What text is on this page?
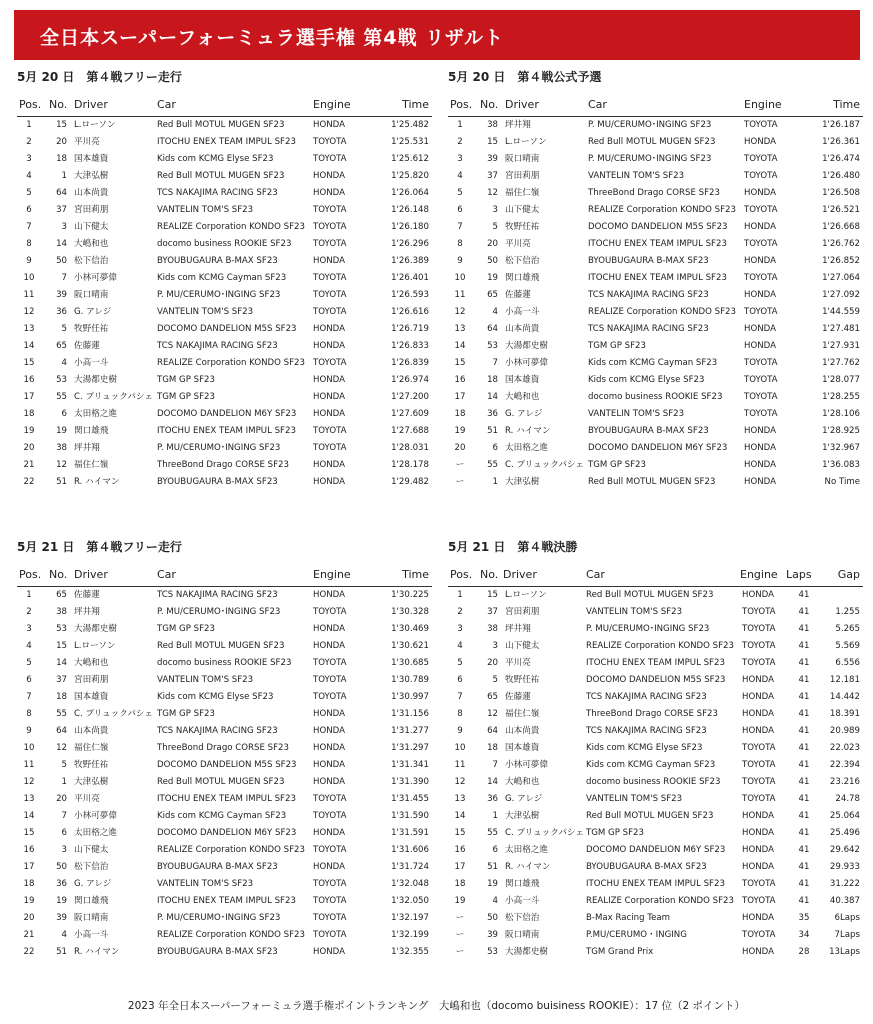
全日本スーパーフォーミュラ選手権 第4戦 リザルト
5月 20 日　第４戦フリー走行
Pos. No. Driver	Car	Engine	Time
1	15 L.ローソン	Red Bull MOTUL MUGEN SF23	HONDA	1'25.482
2	20 平川亮	ITOCHU ENEX TEAM IMPUL SF23	TOYOTA	1'25.531
3	18 国本雄資	Kids com KCMG Elyse SF23	TOYOTA	1'25.612
4	1 大津弘樹	Red Bull MOTUL MUGEN SF23	HONDA	1'25.820
5	64 山本尚貴	TCS NAKAJIMA RACING SF23	HONDA	1'26.064
6	37 宮田莉朋	VANTELIN TOM'S SF23	TOYOTA	1'26.148
7	3 山下健太	REALIZE Corporation KONDO SF23 TOYOTA	1'26.180
8	14 大嶋和也	docomo business ROOKIE SF23	TOYOTA	1'26.296
9	50 松下信治	BYOUBUGAURA B-MAX SF23	HONDA	1'26.389
10	7 小林可夢偉	Kids com KCMG Cayman SF23	TOYOTA	1'26.401
11	39 阪口晴南	P. MU/CERUMO･INGING SF23	TOYOTA	1'26.593
12	36 G. アレジ	VANTELIN TOM'S SF23	TOYOTA	1'26.616
13	5 牧野任祐	DOCOMO DANDELION M5S SF23	HONDA	1'26.719
14	65 佐藤蓮	TCS NAKAJIMA RACING SF23	HONDA	1'26.833
15	4 小高一斗	REALIZE Corporation KONDO SF23 TOYOTA	1'26.839
16	53 大湯都史樹	TGM GP SF23	HONDA	1'26.974
17	55 C. プリュックパシェ TGM GP SF23	HONDA	1'27.200
18	6 太田格之進	DOCOMO DANDELION M6Y SF23	HONDA	1'27.609
19	19 関口雄飛	ITOCHU ENEX TEAM IMPUL SF23	TOYOTA	1'27.688
20	38 坪井翔	P. MU/CERUMO･INGING SF23	TOYOTA	1'28.031
21	12 福住仁嶺	ThreeBond Drago CORSE SF23	HONDA	1'28.178
22	51 R. ハイマン	BYOUBUGAURA B-MAX SF23	HONDA	1'29.482
5月 20 日　第４戦公式予選
Pos. No. Driver	Car	Engine	Time
1	38 坪井翔	P. MU/CERUMO･INGING SF23	TOYOTA	1'26.187
2	15 L.ローソン	Red Bull MOTUL MUGEN SF23	HONDA	1'26.361
3	39 阪口晴南	P. MU/CERUMO･INGING SF23	TOYOTA	1'26.474
4	37 宮田莉朋	VANTELIN TOM'S SF23	TOYOTA	1'26.480
5	12 福住仁嶺	ThreeBond Drago CORSE SF23	HONDA	1'26.508
6	3 山下健太	REALIZE Corporation KONDO SF23 TOYOTA	1'26.521
7	5 牧野任祐	DOCOMO DANDELION M5S SF23	HONDA	1'26.668
8	20 平川亮	ITOCHU ENEX TEAM IMPUL SF23	TOYOTA	1'26.762
9	50 松下信治	BYOUBUGAURA B-MAX SF23	HONDA	1'26.852
10	19 関口雄飛	ITOCHU ENEX TEAM IMPUL SF23	TOYOTA	1'27.064
11	65 佐藤蓮	TCS NAKAJIMA RACING SF23	HONDA	1'27.092
12	4 小高一斗	REALIZE Corporation KONDO SF23 TOYOTA	1'44.559
13	64 山本尚貴	TCS NAKAJIMA RACING SF23	HONDA	1'27.481
14	53 大湯都史樹	TGM GP SF23	HONDA	1'27.931
15	7 小林可夢偉	Kids com KCMG Cayman SF23	TOYOTA	1'27.762
16	18 国本雄資	Kids com KCMG Elyse SF23	TOYOTA	1'28.077
17	14 大嶋和也	docomo business ROOKIE SF23	TOYOTA	1'28.255
18	36 G. アレジ	VANTELIN TOM'S SF23	TOYOTA	1'28.106
19	51 R. ハイマン	BYOUBUGAURA B-MAX SF23	HONDA	1'28.925
20	6 太田格之進	DOCOMO DANDELION M6Y SF23	HONDA	1'32.967
ー	55 C. プリュックパシェ TGM GP SF23	HONDA	1'36.083
ー	1 大津弘樹	Red Bull MOTUL MUGEN SF23	HONDA	No Time
5月 21 日　第４戦フリー走行
Pos. No. Driver	Car	Engine	Time
1	65 佐藤蓮	TCS NAKAJIMA RACING SF23	HONDA	1'30.225
2	38 坪井翔	P. MU/CERUMO･INGING SF23	TOYOTA	1'30.328
3	53 大湯都史樹	TGM GP SF23	HONDA	1'30.469
4	15 L.ローソン	Red Bull MOTUL MUGEN SF23	HONDA	1'30.621
5	14 大嶋和也	docomo business ROOKIE SF23	TOYOTA	1'30.685
6	37 宮田莉朋	VANTELIN TOM'S SF23	TOYOTA	1'30.789
7	18 国本雄資	Kids com KCMG Elyse SF23	TOYOTA	1'30.997
8	55 C. プリュックパシェ TGM GP SF23	HONDA	1'31.156
9	64 山本尚貴	TCS NAKAJIMA RACING SF23	HONDA	1'31.277
10	12 福住仁嶺	ThreeBond Drago CORSE SF23	HONDA	1'31.297
11	5 牧野任祐	DOCOMO DANDELION M5S SF23	HONDA	1'31.341
12	1 大津弘樹	Red Bull MOTUL MUGEN SF23	HONDA	1'31.390
13	20 平川亮	ITOCHU ENEX TEAM IMPUL SF23	TOYOTA	1'31.455
14	7 小林可夢偉	Kids com KCMG Cayman SF23	TOYOTA	1'31.590
15	6 太田格之進	DOCOMO DANDELION M6Y SF23	HONDA	1'31.591
16	3 山下健太	REALIZE Corporation KONDO SF23 TOYOTA	1'31.606
17	50 松下信治	BYOUBUGAURA B-MAX SF23	HONDA	1'31.724
18	36 G. アレジ	VANTELIN TOM'S SF23	TOYOTA	1'32.048
19	19 関口雄飛	ITOCHU ENEX TEAM IMPUL SF23	TOYOTA	1'32.050
20	39 阪口晴南	P. MU/CERUMO･INGING SF23	TOYOTA	1'32.197
21	4 小高一斗	REALIZE Corporation KONDO SF23 TOYOTA	1'32.199
22	51 R. ハイマン	BYOUBUGAURA B-MAX SF23	HONDA	1'32.355
5月 21 日　第４戦決勝
Pos. No. Driver	Car	Engine Laps Gap
1	15 L.ローソン	Red Bull MOTUL MUGEN SF23	HONDA	41
2	37 宮田莉朋	VANTELIN TOM'S SF23	TOYOTA	41	1.255
3	38 坪井翔	P. MU/CERUMO･INGING SF23	TOYOTA	41	5.265
4	3 山下健太	REALIZE Corporation KONDO SF23 TOYOTA	41	5.569
5	20 平川亮	ITOCHU ENEX TEAM IMPUL SF23	TOYOTA	41	6.556
6	5 牧野任祐	DOCOMO DANDELION M5S SF23	HONDA	41	12.181
7	65 佐藤蓮	TCS NAKAJIMA RACING SF23	HONDA	41	14.442
8	12 福住仁嶺	ThreeBond Drago CORSE SF23	HONDA	41	18.391
9	64 山本尚貴	TCS NAKAJIMA RACING SF23	HONDA	41	20.989
10	18 国本雄資	Kids com KCMG Elyse SF23	TOYOTA	41	22.023
11	7 小林可夢偉	Kids com KCMG Cayman SF23	TOYOTA	41	22.394
12	14 大嶋和也	docomo business ROOKIE SF23	TOYOTA	41	23.216
13	36 G. アレジ	VANTELIN TOM'S SF23	TOYOTA	41	24.78
14	1 大津弘樹	Red Bull MOTUL MUGEN SF23	HONDA	41	25.064
15	55 C. プリュックパシェ TGM GP SF23	HONDA	41	25.496
16	6 太田格之進	DOCOMO DANDELION M6Y SF23	HONDA	41	29.642
17	51 R. ハイマン	BYOUBUGAURA B-MAX SF23	HONDA	41	29.933
18	19 関口雄飛	ITOCHU ENEX TEAM IMPUL SF23	TOYOTA	41	31.222
19	4 小高一斗	REALIZE Corporation KONDO SF23 TOYOTA	41	40.387
ー	50 松下信治	B-Max Racing Team	HONDA	35	6Laps
ー	39 阪口晴南	P.MU/CERUMO・INGING	TOYOTA	34	7Laps
ー	53 大湯都史樹	TGM Grand Prix	HONDA	28	13Laps
2023 年全日本スーパーフォーミュラ選手権ポイントランキング　大嶋和也（docomo buisiness ROOKIE）：17 位（2 ポイント）
